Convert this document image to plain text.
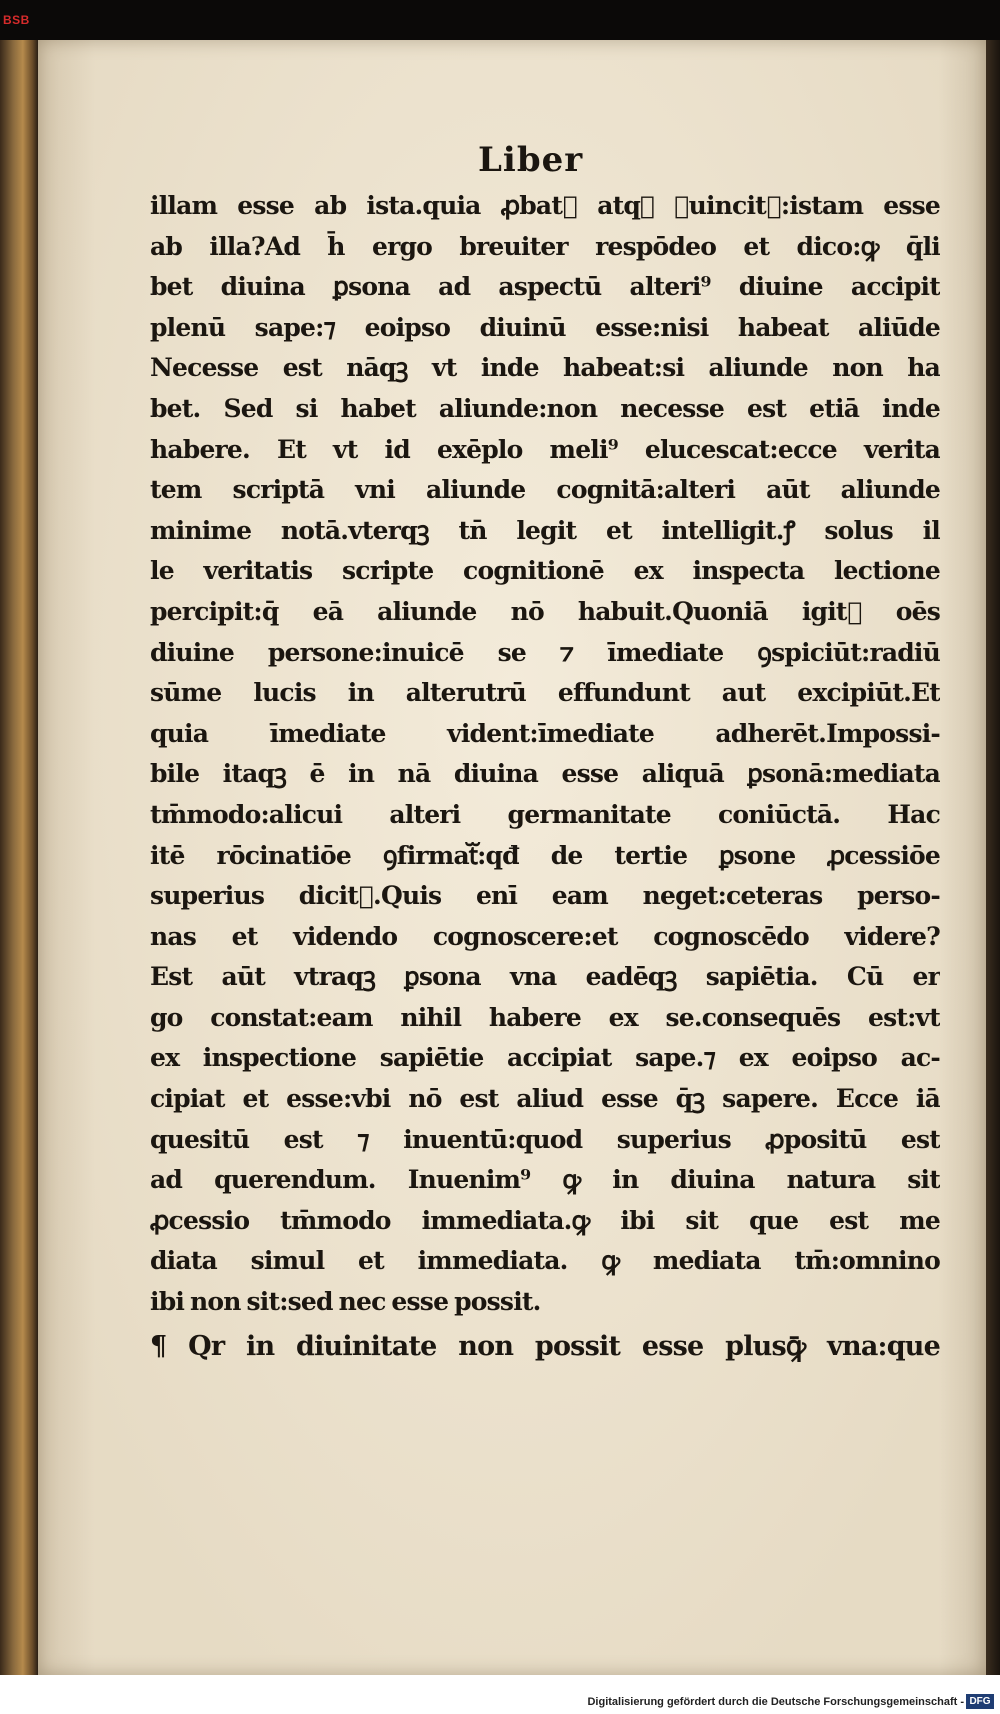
BSB
Liber
illam esse ab ista.quia ꝓbatᷓ atqꝫ ꝯuincitᷓ:istam esse
ab illa?Ad h̄ ergo breuiter respōdeo et dico:ꝙ q̄li
bet diuina ꝑsona ad aspectū alteri⁹ diuine accipit
plenū sape:⁊ eoipso diuinū esse:nisi habeat aliūde
Necesse est nāqꝫ vt inde habeat:si aliunde non ha
bet. Sed si habet aliunde:non necesse est etiā inde
habere. Et vt id exēplo meli⁹ elucescat:ecce verita
tem scriptā vni aliunde cognitā:alteri aūt aliunde
minime notā.vterqꝫ tn̄ legit et intelligit.ꝭ solus il
le veritatis scripte cognitionē ex inspecta lectione
percipit:q̄ eā aliunde nō habuit.Quoniā igitᷓ oēs
diuine persone:inuicē se ⁊ īmediate ꝯspiciūt:radiū
sūme lucis in alterutrū effundunt aut excipiūt.Et
quia īmediate vident:īmediate adherēt.Impossi-
bile itaqꝫ ē in nā diuina esse aliquā ꝑsonā:mediata
tm̄modo:alicui alteri germanitate coniūctā. Hac
itē rōcinatiōe ꝯfirmatᷓ:qđ de tertie ꝑsone ꝓcessiōe
superius dicitᷓ.Quis enī eam neget:ceteras perso-
nas et videndo cognoscere:et cognoscēdo videre?
Est aūt vtraqꝫ ꝑsona vna eadēqꝫ sapiētia. Cū er
go constat:eam nihil habere ex se.consequēs est:vt
ex inspectione sapiētie accipiat sape.⁊ ex eoipso ac-
cipiat et esse:vbi nō est aliud esse q̄ꝫ sapere. Ecce iā
quesitū est ⁊ inuentū:quod superius ꝓpositū est
ad querendum. Inuenim⁹ ꝙ in diuina natura sit
ꝓcessio tm̄modo immediata.ꝙ ibi sit que est me
diata simul et immediata. ꝙ mediata tm̄:omnino
ibi non sit:sed nec esse possit.
¶ Qr in diuinitate non possit esse plusꝙ̄ vna:que
Digitalisierung gefördert durch die Deutsche Forschungsgemeinschaft - DFG
